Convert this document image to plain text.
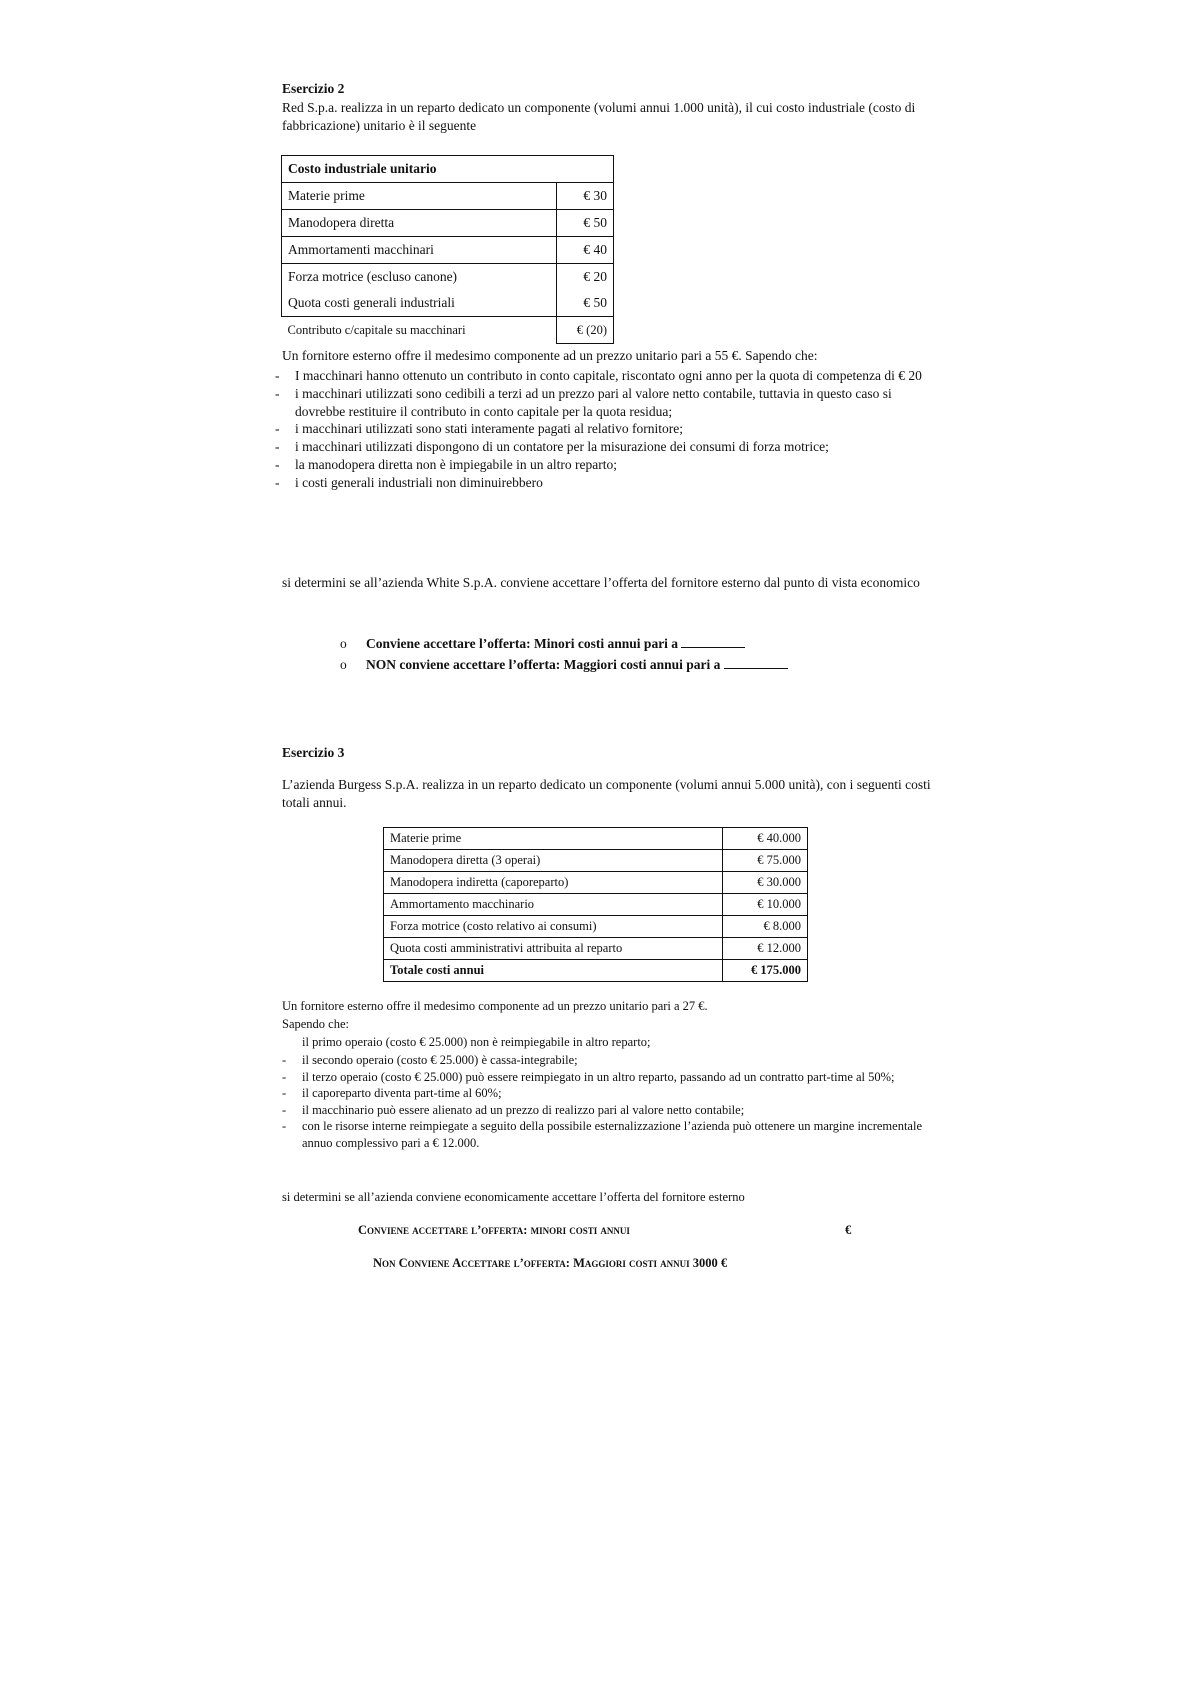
Esercizio 2
Red S.p.a. realizza in un reparto dedicato un componente (volumi annui 1.000 unità), il cui costo industriale (costo di fabbricazione) unitario è il seguente
Costo industriale unitario	
Materie prime	€ 30
Manodopera diretta	€ 50
Ammortamenti macchinari	€ 40
Forza motrice (escluso canone)	€ 20
Quota costi generali industriali	€ 50
Contributo c/capitale su macchinari	€ (20)
Un fornitore esterno offre il medesimo componente ad un prezzo unitario pari a 55 €. Sapendo che:
- I macchinari hanno ottenuto un contributo in conto capitale, riscontato ogni anno per la quota di competenza di € 20
- i macchinari utilizzati sono cedibili a terzi ad un prezzo pari al valore netto contabile, tuttavia in questo caso si dovrebbe restituire il contributo in conto capitale per la quota residua;
- i macchinari utilizzati sono stati interamente pagati al relativo fornitore;
- i macchinari utilizzati dispongono di un contatore per la misurazione dei consumi di forza motrice;
- la manodopera diretta non è impiegabile in un altro reparto;
- i costi generali industriali non diminuirebbero
si determini se all’azienda White S.p.A. conviene accettare l’offerta del fornitore esterno dal punto di vista economico
o Conviene accettare l’offerta: Minori costi annui pari a
o NON conviene accettare l’offerta: Maggiori costi annui pari a
Esercizio 3
L’azienda Burgess S.p.A. realizza in un reparto dedicato un componente (volumi annui 5.000 unità), con i seguenti costi totali annui.
Materie prime	€ 40.000
Manodopera diretta (3 operai)	€ 75.000
Manodopera indiretta (caporeparto)	€ 30.000
Ammortamento macchinario	€ 10.000
Forza motrice (costo relativo ai consumi)	€ 8.000
Quota costi amministrativi attribuita al reparto	€ 12.000
Totale costi annui	€ 175.000
Un fornitore esterno offre il medesimo componente ad un prezzo unitario pari a 27 €.
Sapendo che:
il primo operaio (costo € 25.000) non è reimpiegabile in altro reparto;
- il secondo operaio (costo € 25.000) è cassa-integrabile;
- il terzo operaio (costo € 25.000) può essere reimpiegato in un altro reparto, passando ad un contratto part-time al 50%;
- il caporeparto diventa part-time al 60%;
- il macchinario può essere alienato ad un prezzo di realizzo pari al valore netto contabile;
- con le risorse interne reimpiegate a seguito della possibile esternalizzazione l’azienda può ottenere un margine incrementale annuo complessivo pari a € 12.000.
si determini se all’azienda conviene economicamente accettare l’offerta del fornitore esterno
Conviene accettare l’offerta: minori costi annui	€
Non Conviene Accettare l’offerta: Maggiori costi annui 3000 €
